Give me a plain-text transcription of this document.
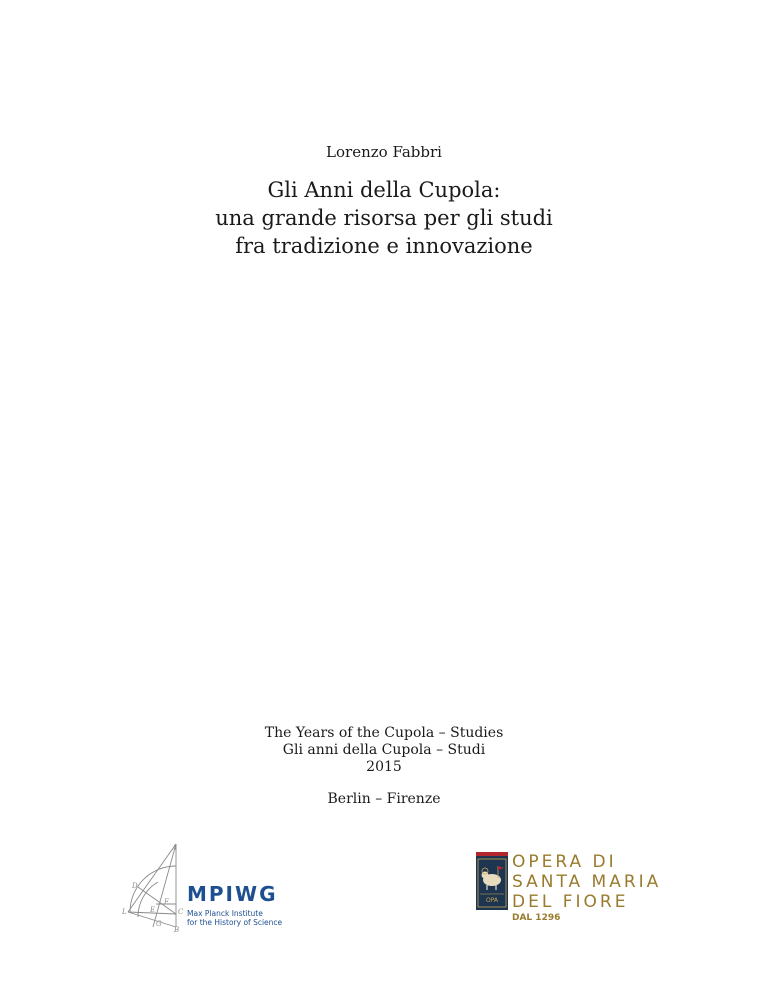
Lorenzo Fabbri
Gli Anni della Cupola:
una grande risorsa per gli studi
fra tradizione e innovazione
The Years of the Cupola – Studies
Gli anni della Cupola – Studi
2015
Berlin – Firenze
A
D
L	E
F
C
G
B
MPIWG
Max Planck Institute
for the History of Science
OPA
OPERA DI
SANTA MARIA
DEL FIORE
DAL 1296
